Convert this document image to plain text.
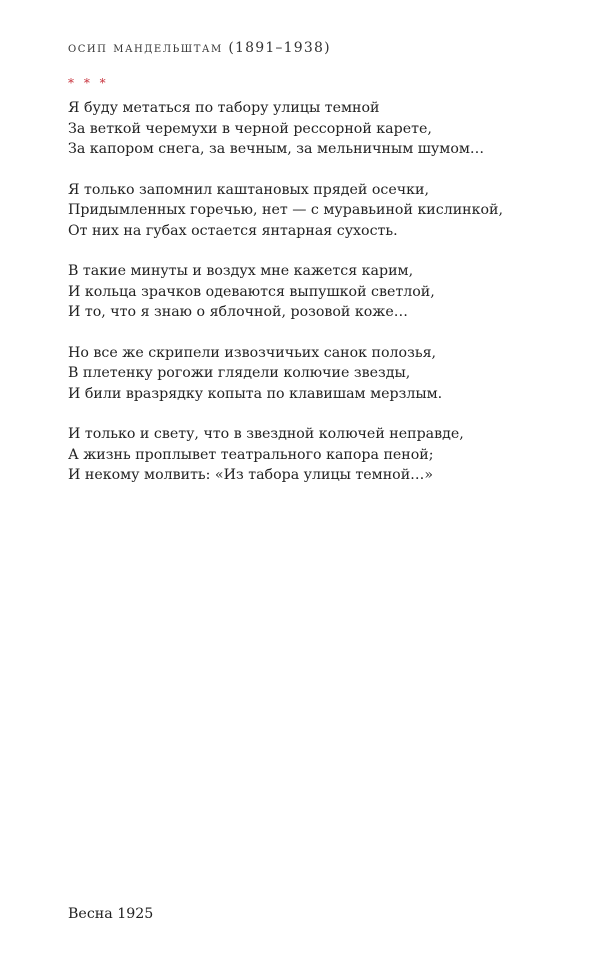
осип мандельштам (1891–1938)
* * *
Я буду метаться по табору улицы темной
За веткой черемухи в черной рессорной карете,
За капором снега, за вечным, за мельничным шумом…
Я только запомнил каштановых прядей осечки,
Придымленных горечью, нет — с муравьиной кислинкой,
От них на губах остается янтарная сухость.
В такие минуты и воздух мне кажется карим,
И кольца зрачков одеваются выпушкой светлой,
И то, что я знаю о яблочной, розовой коже…
Но все же скрипели извозчичьих санок полозья,
В плетенку рогожи глядели колючие звезды,
И били вразрядку копыта по клавишам мерзлым.
И только и свету, что в звездной колючей неправде,
А жизнь проплывет театрального капора пеной;
И некому молвить: «Из табора улицы темной…»
Весна 1925
